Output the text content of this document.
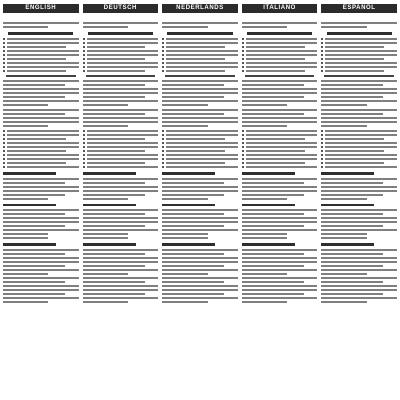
ENGLISH	DEUTSCH	NEDERLANDS	ITALIANO	ESPAÑOL
